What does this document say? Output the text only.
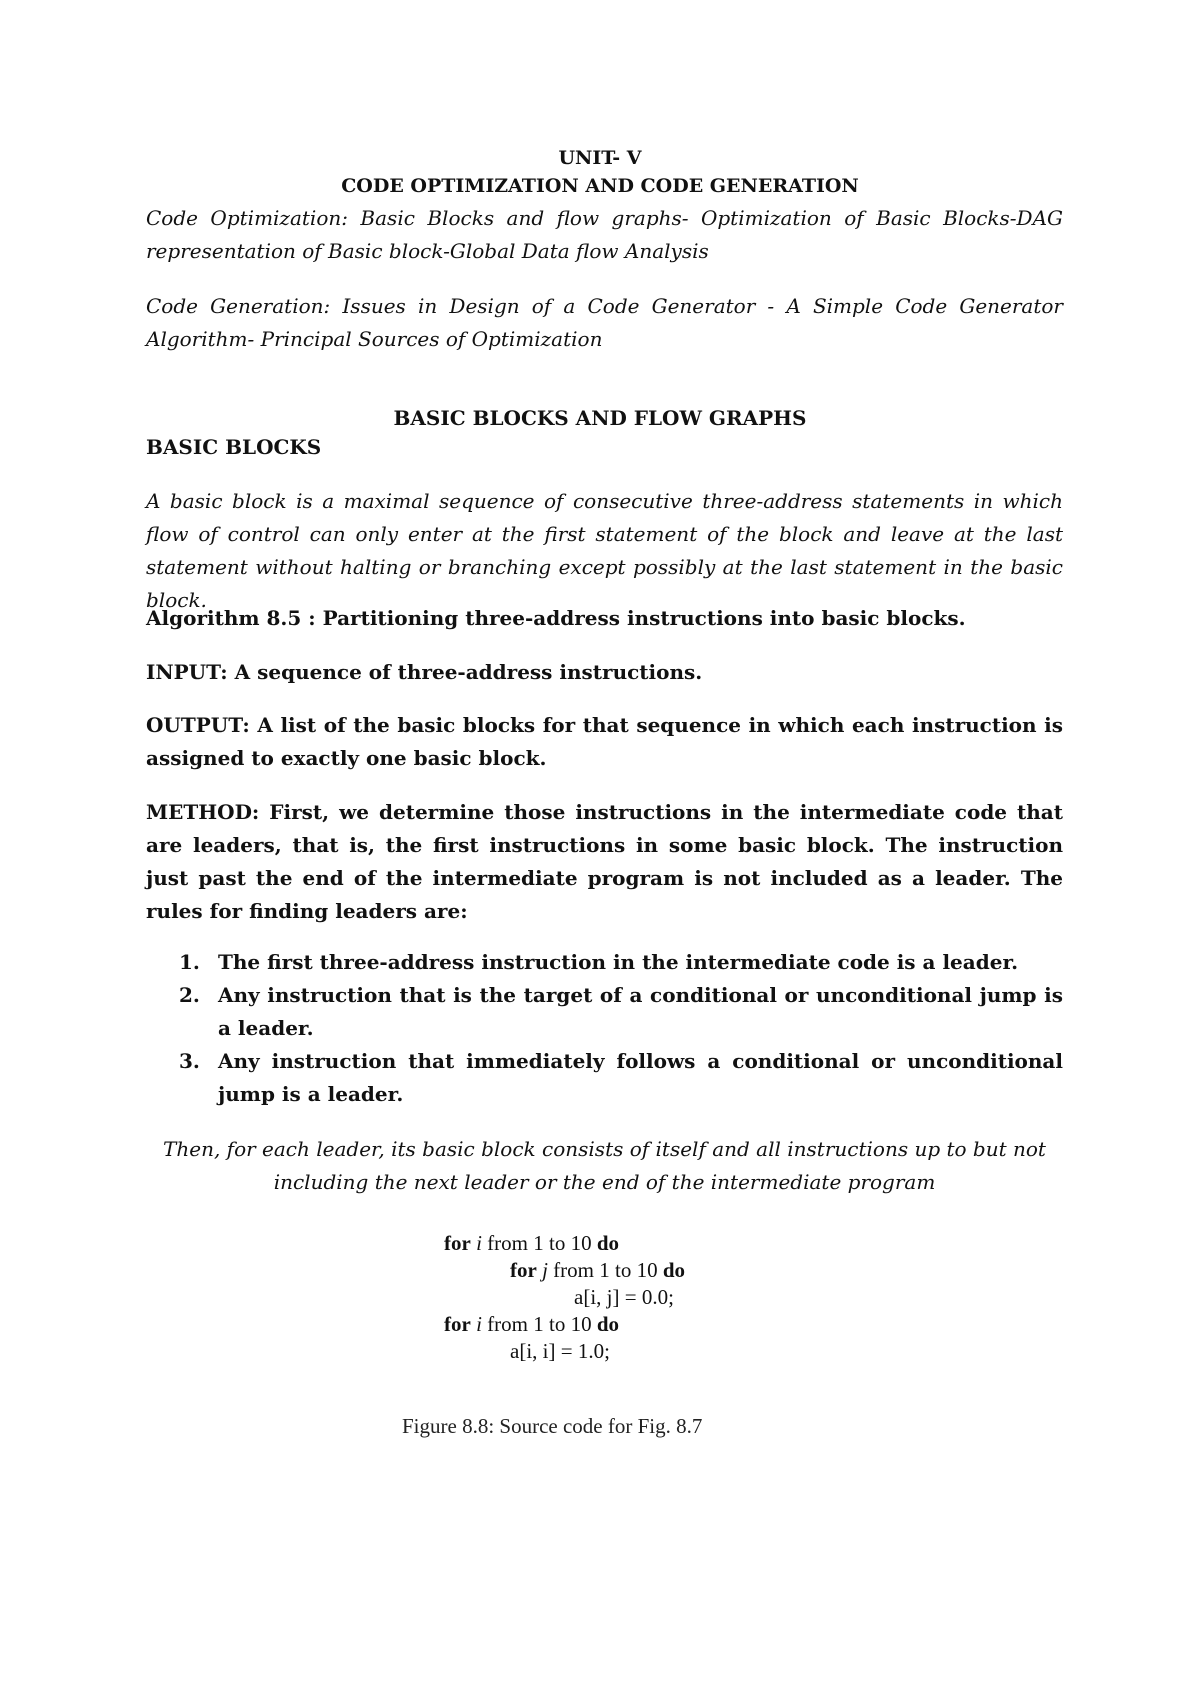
UNIT- V
CODE OPTIMIZATION AND CODE GENERATION

Code Optimization: Basic Blocks and flow graphs- Optimization of Basic Blocks-DAG representation of Basic block-Global Data flow Analysis

Code Generation: Issues in Design of a Code Generator - A Simple Code Generator Algorithm- Principal Sources of Optimization

BASIC BLOCKS AND FLOW GRAPHS
BASIC BLOCKS

A basic block is a maximal sequence of consecutive three-address statements in which flow of control can only enter at the first statement of the block and leave at the last statement without halting or branching except possibly at the last statement in the basic block.

Algorithm 8.5 : Partitioning three-address instructions into basic blocks.

INPUT: A sequence of three-address instructions.

OUTPUT: A list of the basic blocks for that sequence in which each instruction is assigned to exactly one basic block.

METHOD: First, we determine those instructions in the intermediate code that are leaders, that is, the first instructions in some basic block. The instruction just past the end of the intermediate program is not included as a leader. The rules for finding leaders are:

1. The first three-address instruction in the intermediate code is a leader.
2. Any instruction that is the target of a conditional or unconditional jump is a leader.
3. Any instruction that immediately follows a conditional or unconditional jump is a leader.

Then, for each leader, its basic block consists of itself and all instructions up to but not including the next leader or the end of the intermediate program

for i from 1 to 10 do
for j from 1 to 10 do
a[i, j] = 0.0;
for i from 1 to 10 do
a[i, i] = 1.0;
Figure 8.8: Source code for Fig. 8.7
